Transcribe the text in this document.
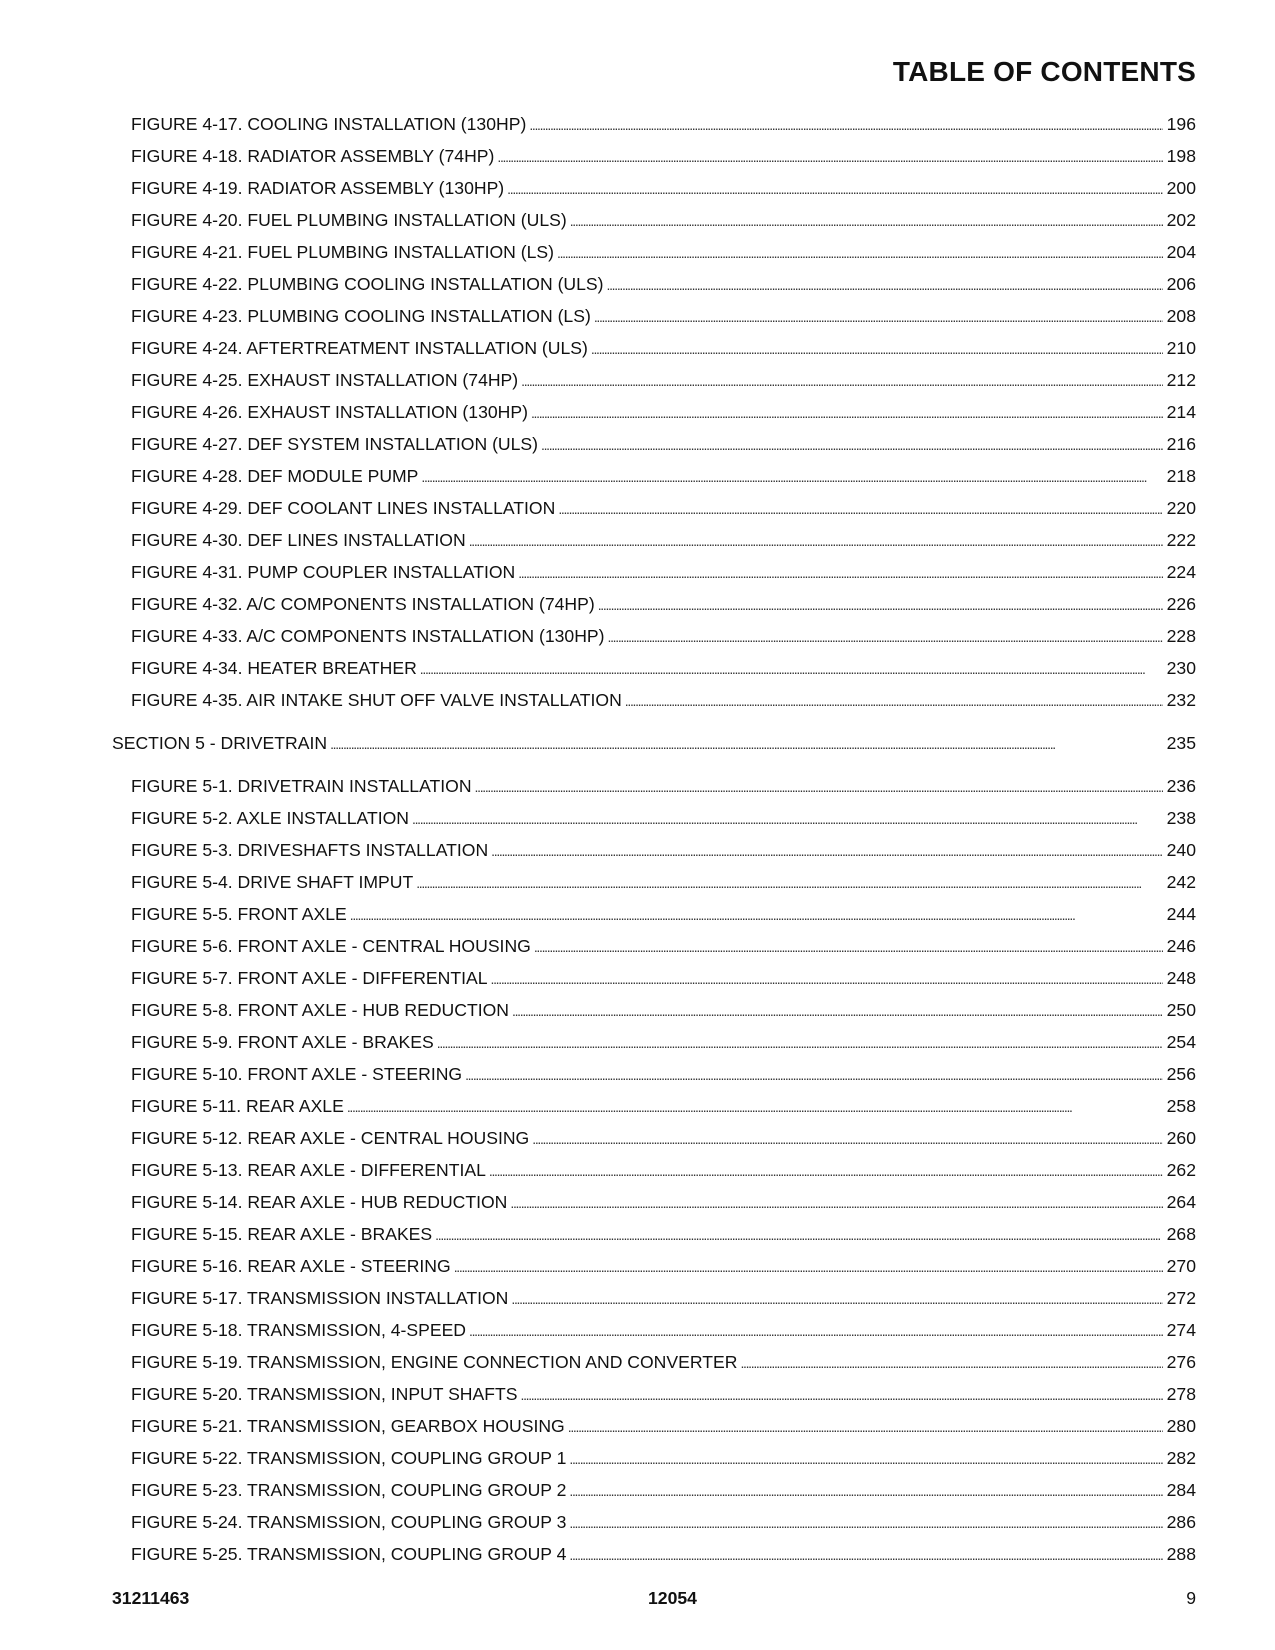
TABLE OF CONTENTS
FIGURE 4-17. COOLING INSTALLATION (130HP) . . .	196
FIGURE 4-18. RADIATOR ASSEMBLY (74HP) . . .	198
FIGURE 4-19. RADIATOR ASSEMBLY (130HP) . . .	200
FIGURE 4-20. FUEL PLUMBING INSTALLATION (ULS) . . .	202
FIGURE 4-21. FUEL PLUMBING INSTALLATION (LS) . . .	204
FIGURE 4-22. PLUMBING COOLING INSTALLATION (ULS) . . .	206
FIGURE 4-23. PLUMBING COOLING INSTALLATION (LS) . . .	208
FIGURE 4-24. AFTERTREATMENT INSTALLATION (ULS) . . .	210
FIGURE 4-25. EXHAUST INSTALLATION (74HP) . . .	212
FIGURE 4-26. EXHAUST INSTALLATION (130HP) . . .	214
FIGURE 4-27. DEF SYSTEM INSTALLATION (ULS) . . .	216
FIGURE 4-28. DEF MODULE PUMP . . .	218
FIGURE 4-29. DEF COOLANT LINES INSTALLATION . . .	220
FIGURE 4-30. DEF LINES INSTALLATION . . .	222
FIGURE 4-31. PUMP COUPLER INSTALLATION . . .	224
FIGURE 4-32. A/C COMPONENTS INSTALLATION (74HP) . . .	226
FIGURE 4-33. A/C COMPONENTS INSTALLATION (130HP) . . .	228
FIGURE 4-34. HEATER BREATHER . . .	230
FIGURE 4-35. AIR INTAKE SHUT OFF VALVE INSTALLATION . . .	232
SECTION 5 - DRIVETRAIN . . .	235
FIGURE 5-1. DRIVETRAIN INSTALLATION . . .	236
FIGURE 5-2. AXLE INSTALLATION . . .	238
FIGURE 5-3. DRIVESHAFTS INSTALLATION . . .	240
FIGURE 5-4. DRIVE SHAFT IMPUT . . .	242
FIGURE 5-5. FRONT AXLE . . .	244
FIGURE 5-6. FRONT AXLE - CENTRAL HOUSING . . .	246
FIGURE 5-7. FRONT AXLE - DIFFERENTIAL . . .	248
FIGURE 5-8. FRONT AXLE - HUB REDUCTION . . .	250
FIGURE 5-9. FRONT AXLE - BRAKES . . .	254
FIGURE 5-10. FRONT AXLE - STEERING . . .	256
FIGURE 5-11. REAR AXLE . . .	258
FIGURE 5-12. REAR AXLE - CENTRAL HOUSING . . .	260
FIGURE 5-13. REAR AXLE - DIFFERENTIAL . . .	262
FIGURE 5-14. REAR AXLE - HUB REDUCTION . . .	264
FIGURE 5-15. REAR AXLE - BRAKES . . .	268
FIGURE 5-16. REAR AXLE - STEERING . . .	270
FIGURE 5-17. TRANSMISSION INSTALLATION . . .	272
FIGURE 5-18. TRANSMISSION, 4-SPEED . . .	274
FIGURE 5-19. TRANSMISSION, ENGINE CONNECTION AND CONVERTER . . .	276
FIGURE 5-20. TRANSMISSION, INPUT SHAFTS . . .	278
FIGURE 5-21. TRANSMISSION, GEARBOX HOUSING . . .	280
FIGURE 5-22. TRANSMISSION, COUPLING GROUP 1 . . .	282
FIGURE 5-23. TRANSMISSION, COUPLING GROUP 2 . . .	284
FIGURE 5-24. TRANSMISSION, COUPLING GROUP 3 . . .	286
FIGURE 5-25. TRANSMISSION, COUPLING GROUP 4 . . .	288
31211463	12054	9
